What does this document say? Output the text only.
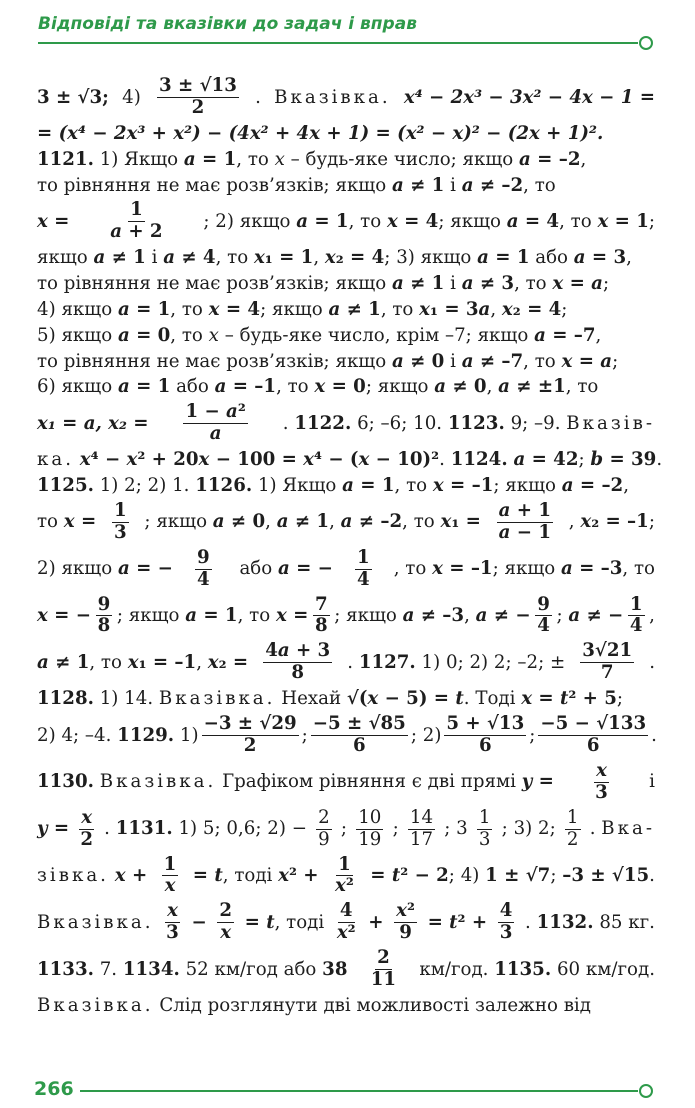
Відповіді та вказівки до задач і вправ
3 ± √3; $4) \frac{3 \pm √13}{2}$ . Вказівка. x⁴ − 2x³ − 3x² − 4x − 1 =
= (x⁴ − 2x³ + x²) − (4x² + 4x + 1) = (x² − x)² − (2x + 1)².
1121. 1) Якщо a = 1 , то x – будь-яке число; якщо a = –2 ,
то рівняння не має розв’язків; якщо a ≠ 1 і a ≠ –2 , то
$x = \frac{1}{a + 2}$ ; 2) якщо a = 1 , то x = 4 ; якщо a = 4 , то x = 1 ;
якщо a ≠ 1 і a ≠ 4 , то x₁ = 1 , x₂ = 4 ; 3) якщо a = 1 або a = 3 ,
то рівняння не має розв’язків; якщо a ≠ 1 і a ≠ 3 , то x = a ;
4) якщо a = 1 , то x = 4 ; якщо a ≠ 1 , то x₁ = 3a , x₂ = 4 ;
5) якщо a = 0 , то x – будь-яке число, крім –7; якщо a = –7 ,
то рівняння не має розв’язків; якщо a ≠ 0 і a ≠ –7 , то x = a ;
6) якщо a = 1 або a = –1 , то x = 0 ; якщо a ≠ 0 , a ≠ ±1 , то
x₁ = a, $x_2 = \frac{\text{1 − a²}}{a}$ . 1122. 6; –6; 10. 1123. 9; –9. Вказів-
ка.
x⁴ − x² + 20x − 100 = x⁴ − (x − 10)² . 1124.
a = 42 ; b = 39 .
1125. 1) 2; 2) 1. 1126. 1) Якщо a = 1 , то x = –1 ; якщо a = –2 ,
то $x = \frac{1}{3}$ ; якщо a ≠ 0 , a ≠ 1 , a ≠ –2 , то $x_1 = \frac{a + 1}{a - 1}$ , x₂ = –1 ;
2) якщо a = − $\frac{9}{4}$ або a = − $\frac{1}{4}$ , то x = –1 ; якщо a = –3 , то
x = − $\frac{9}{8}$ ; якщо a = 1 , то $x = \frac{7}{8}$ ; якщо a ≠ –3 , a ≠ − $\frac{9}{4}$ ; a ≠ − $\frac{1}{4}$ ,
a ≠ 1 , то x₁ = –1 , $x_2 = \frac{4a + 3}{8}$ . 1127. 1) 0; 2) 2; –2; ± $\frac{3√21}{7}$ .
1128. 1) 14. Вказівка. Нехай √(x − 5) = t . Тоді x = t² + 5 ;
2) 4; –4. 1129. $1) \frac{-3 \pm √29}{2}$ ; $\frac{-5 \pm √85}{6}$ ; $2) \frac{5 + √13}{6}$ ; $\frac{-5 - √133}{6}$ .
1130.
Вказівка. Графіком рівняння є дві прямі $y = \frac{x}{3}$ і
$y = \frac{x}{2}$ . 1131. 1) 5; 0,6; $2) - \frac{2}{9}$ ; $\frac{10}{19}$ ; $\frac{14}{17}$ ; $3 \frac{1}{3}$ ; 3) 2; $\frac{1}{2}$ . Вка-
зівка.
$x + \frac{1}{x} = t$ , тоді $x^2 + \frac{1}{\text{x²}} = t^2 - 2$ ; 4) 1 ± √7 ; –3 ± √15 .
Вказівка. $\frac{x}{3} - \frac{2}{x} = t$ , тоді $\frac{4}{\text{x²}} + \frac{\text{x²}}{9} = t^2 + \frac{4}{3}$ . 1132. 85 кг.
1133. 7. 1134. 52 км/год або $38 \frac{2}{11} км/год$. 1135. 60 км/год.
Вказівка. Слід розглянути дві можливості залежно від
266
